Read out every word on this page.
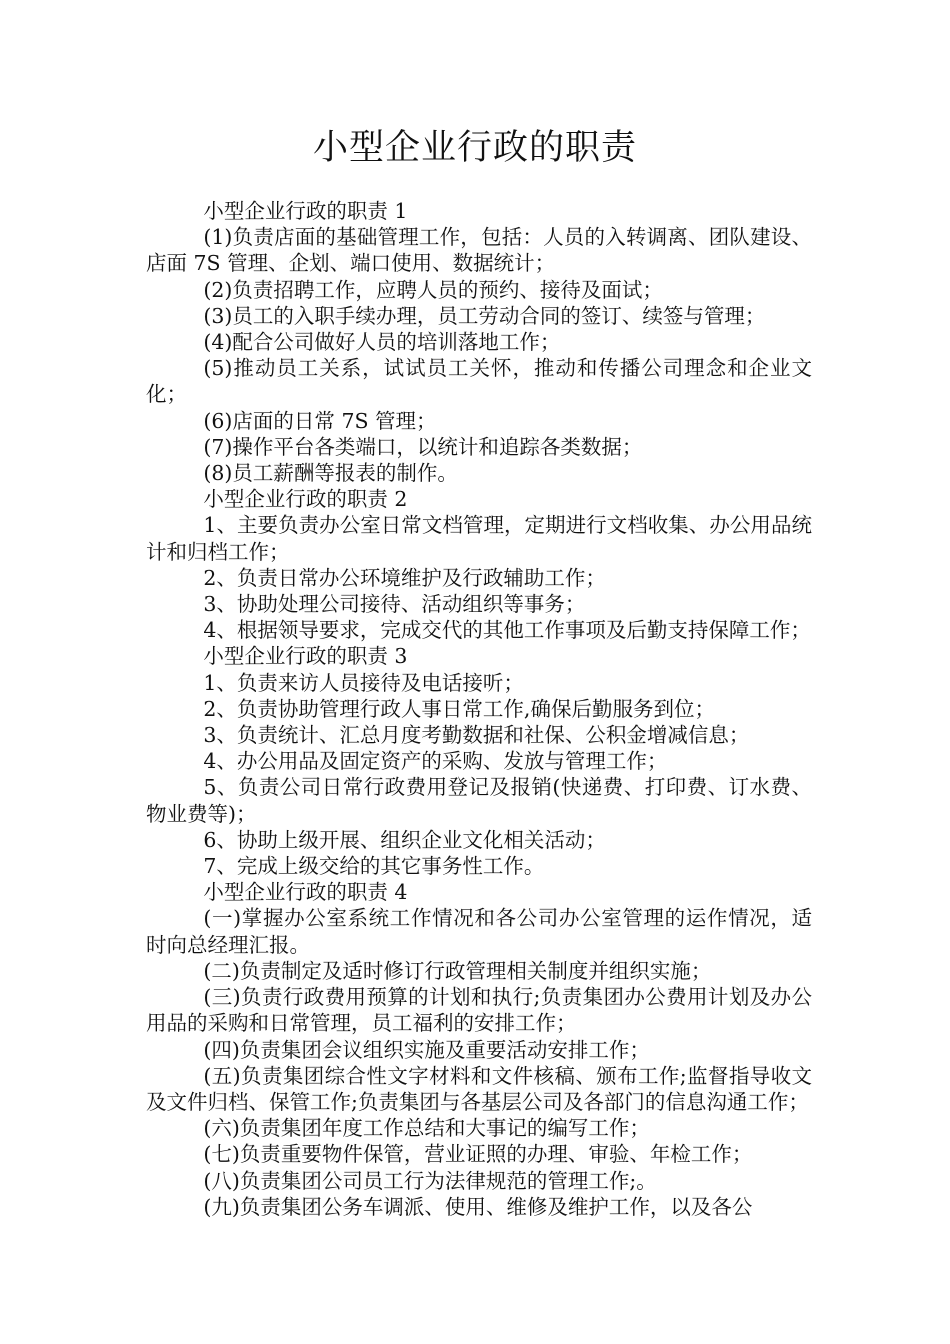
小型企业行政的职责

小型企业行政的职责 1

(1)负责店面的基础管理工作，包括：人员的入转调离、团队建设、店面 7S 管理、企划、端口使用、数据统计；

(2)负责招聘工作，应聘人员的预约、接待及面试；

(3)员工的入职手续办理，员工劳动合同的签订、续签与管理；

(4)配合公司做好人员的培训落地工作；

(5)推动员工关系，试试员工关怀，推动和传播公司理念和企业文化；

(6)店面的日常 7S 管理；

(7)操作平台各类端口，以统计和追踪各类数据；

(8)员工薪酬等报表的制作。

小型企业行政的职责 2

1、主要负责办公室日常文档管理，定期进行文档收集、办公用品统计和归档工作；

2、负责日常办公环境维护及行政辅助工作；

3、协助处理公司接待、活动组织等事务；

4、根据领导要求，完成交代的其他工作事项及后勤支持保障工作；

小型企业行政的职责 3

1、负责来访人员接待及电话接听；

2、负责协助管理行政人事日常工作,确保后勤服务到位；

3、负责统计、汇总月度考勤数据和社保、公积金增减信息；

4、办公用品及固定资产的采购、发放与管理工作；

5、负责公司日常行政费用登记及报销(快递费、打印费、订水费、物业费等)；

6、协助上级开展、组织企业文化相关活动；

7、完成上级交给的其它事务性工作。

小型企业行政的职责 4

(一)掌握办公室系统工作情况和各公司办公室管理的运作情况，适时向总经理汇报。

(二)负责制定及适时修订行政管理相关制度并组织实施；

(三)负责行政费用预算的计划和执行;负责集团办公费用计划及办公用品的采购和日常管理，员工福利的安排工作；

(四)负责集团会议组织实施及重要活动安排工作；

(五)负责集团综合性文字材料和文件核稿、颁布工作;监督指导收文及文件归档、保管工作;负责集团与各基层公司及各部门的信息沟通工作；

(六)负责集团年度工作总结和大事记的编写工作；

(七)负责重要物件保管，营业证照的办理、审验、年检工作；

(八)负责集团公司员工行为法律规范的管理工作;。

(九)负责集团公务车调派、使用、维修及维护工作，以及各公
